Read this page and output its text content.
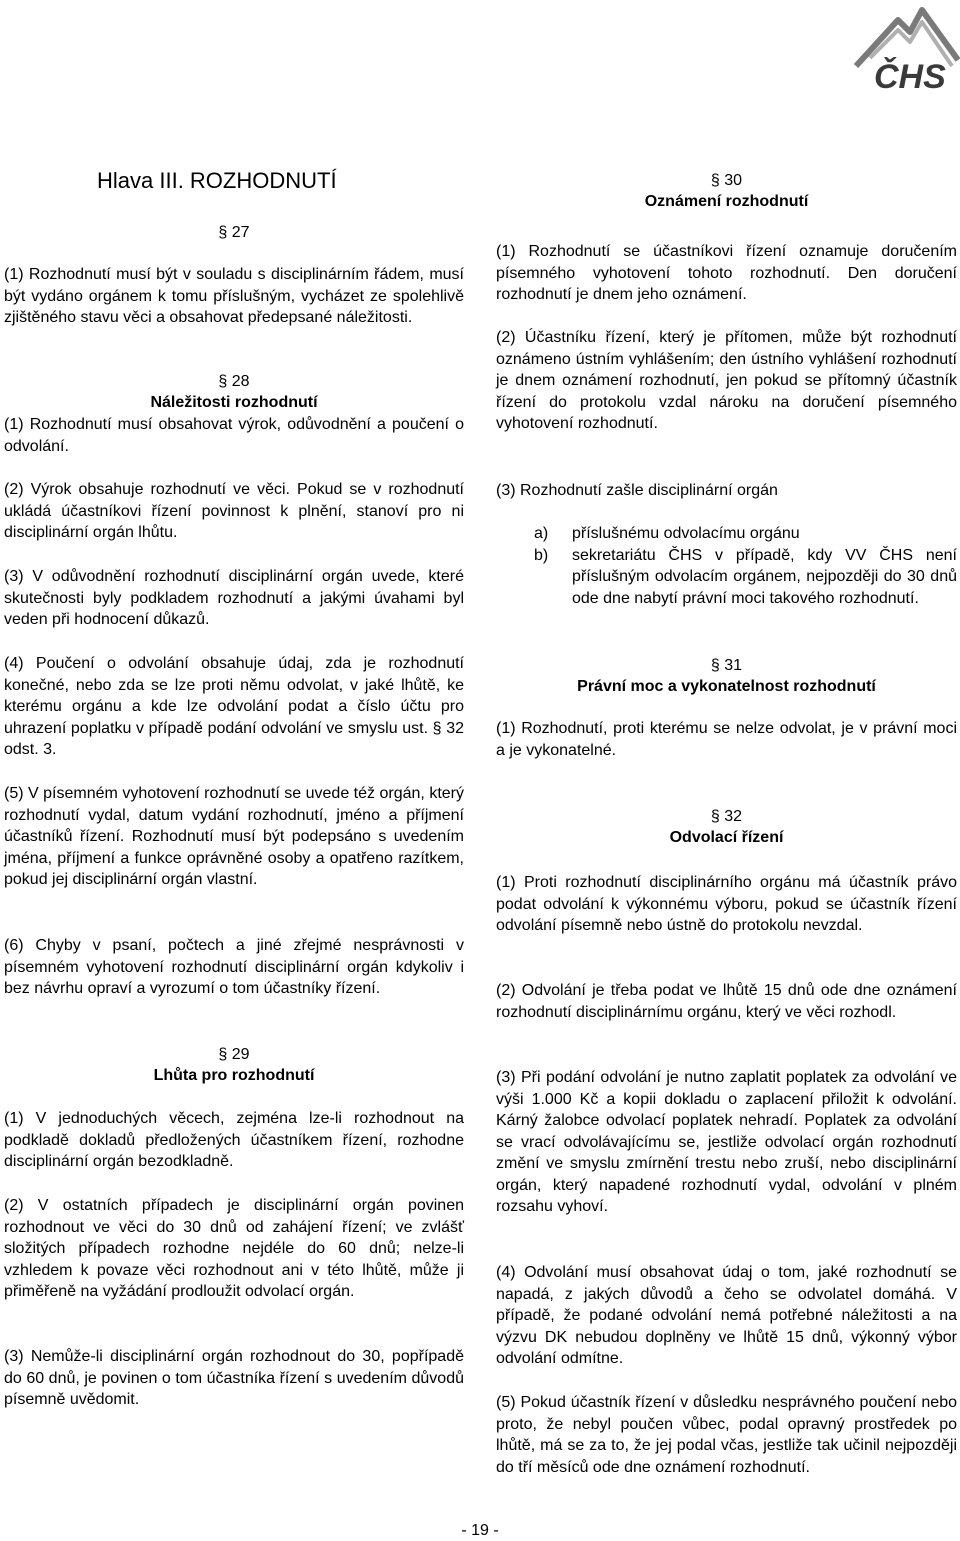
ČHS
Hlava III. ROZHODNUTÍ

§ 27

(1) Rozhodnutí musí být v souladu s disciplinárním řádem, musí být vydáno orgánem k tomu příslušným, vycházet ze spolehlivě zjištěného stavu věci a obsahovat předepsané náležitosti.

§ 28

Náležitosti rozhodnutí

(1) Rozhodnutí musí obsahovat výrok, odůvodnění a poučení o odvolání.

(2) Výrok obsahuje rozhodnutí ve věci. Pokud se v rozhodnutí ukládá účastníkovi řízení povinnost k plnění, stanoví pro ni disciplinární orgán lhůtu.

(3) V odůvodnění rozhodnutí disciplinární orgán uvede, které skutečnosti byly podkladem rozhodnutí a jakými úvahami byl veden při hodnocení důkazů.

(4) Poučení o odvolání obsahuje údaj, zda je rozhodnutí konečné, nebo zda se lze proti němu odvolat, v jaké lhůtě, ke kterému orgánu a kde lze odvolání podat a číslo účtu pro uhrazení poplatku v případě podání odvolání ve smyslu ust. § 32 odst. 3.

(5) V písemném vyhotovení rozhodnutí se uvede též orgán, který rozhodnutí vydal, datum vydání rozhodnutí, jméno a příjmení účastníků řízení. Rozhodnutí musí být podepsáno s uvedením jména, příjmení a funkce oprávněné osoby a opatřeno razítkem, pokud jej disciplinární orgán vlastní.

(6) Chyby v psaní, počtech a jiné zřejmé nesprávnosti v písemném vyhotovení rozhodnutí disciplinární orgán kdykoliv i bez návrhu opraví a vyrozumí o tom účastníky řízení.

§ 29

Lhůta pro rozhodnutí

(1) V jednoduchých věcech, zejména lze-li rozhodnout na podkladě dokladů předložených účastníkem řízení, rozhodne disciplinární orgán bezodkladně.

(2) V ostatních případech je disciplinární orgán povinen rozhodnout ve věci do 30 dnů od zahájení řízení; ve zvlášť složitých případech rozhodne nejdéle do 60 dnů; nelze-li vzhledem k povaze věci rozhodnout ani v této lhůtě, může ji přiměřeně na vyžádání prodloužit odvolací orgán.

(3) Nemůže-li disciplinární orgán rozhodnout do 30, popřípadě do 60 dnů, je povinen o tom účastníka řízení s uvedením důvodů písemně uvědomit.

§ 30

Oznámení rozhodnutí

(1) Rozhodnutí se účastníkovi řízení oznamuje doručením písemného vyhotovení tohoto rozhodnutí. Den doručení rozhodnutí je dnem jeho oznámení.

(2) Účastníku řízení, který je přítomen, může být rozhodnutí oznámeno ústním vyhlášením; den ústního vyhlášení rozhodnutí je dnem oznámení rozhodnutí, jen pokud se přítomný účastník řízení do protokolu vzdal nároku na doručení písemného vyhotovení rozhodnutí.

(3) Rozhodnutí zašle disciplinární orgán

a)	příslušnému odvolacímu orgánu
b)	sekretariátu ČHS v případě, kdy VV ČHS není příslušným odvolacím orgánem, nejpozději do 30 dnů ode dne nabytí právní moci takového rozhodnutí.

§ 31

Právní moc a vykonatelnost rozhodnutí

(1) Rozhodnutí, proti kterému se nelze odvolat, je v právní moci a je vykonatelné.

§ 32

Odvolací řízení

(1) Proti rozhodnutí disciplinárního orgánu má účastník právo podat odvolání k výkonnému výboru, pokud se účastník řízení odvolání písemně nebo ústně do protokolu nevzdal.

(2) Odvolání je třeba podat ve lhůtě 15 dnů ode dne oznámení rozhodnutí disciplinárnímu orgánu, který ve věci rozhodl.

(3) Při podání odvolání je nutno zaplatit poplatek za odvolání ve výši 1.000 Kč a kopii dokladu o zaplacení přiložit k odvolání. Kárný žalobce odvolací poplatek nehradí. Poplatek za odvolání se vrací odvolávajícímu se, jestliže odvolací orgán rozhodnutí změní ve smyslu zmírnění trestu nebo zruší, nebo disciplinární orgán, který napadené rozhodnutí vydal, odvolání v plném rozsahu vyhoví.

(4) Odvolání musí obsahovat údaj o tom, jaké rozhodnutí se napadá, z jakých důvodů a čeho se odvolatel domáhá. V případě, že podané odvolání nemá potřebné náležitosti a na výzvu DK nebudou doplněny ve lhůtě 15 dnů, výkonný výbor odvolání odmítne.

(5) Pokud účastník řízení v důsledku nesprávného poučení nebo proto, že nebyl poučen vůbec, podal opravný prostředek po lhůtě, má se za to, že jej podal včas, jestliže tak učinil nejpozději do tří měsíců ode dne oznámení rozhodnutí.

- 19 -
